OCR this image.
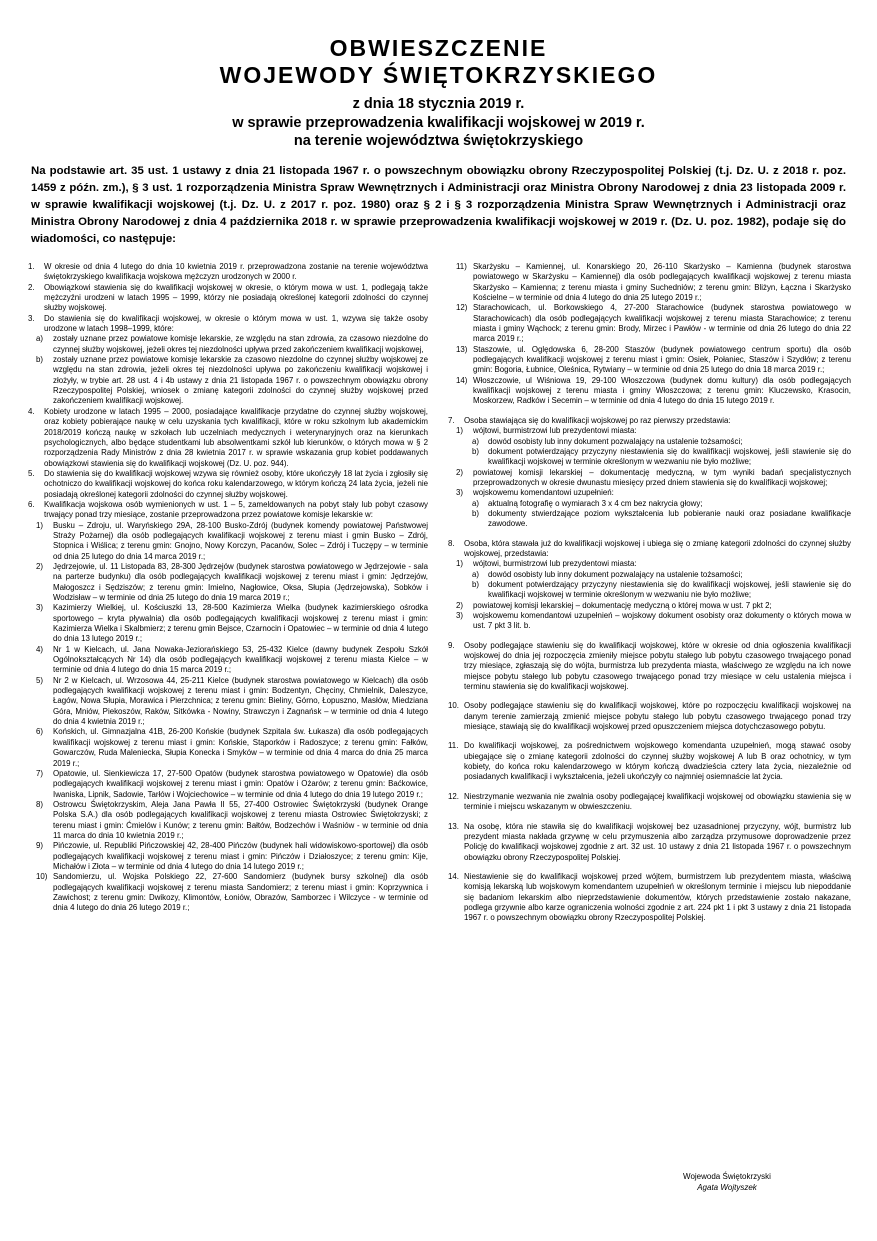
OBWIESZCZENIE
WOJEWODY ŚWIĘTOKRZYSKIEGO
z dnia 18 stycznia 2019 r.
w sprawie przeprowadzenia kwalifikacji wojskowej w 2019 r.
na terenie województwa świętokrzyskiego
Na podstawie art. 35 ust. 1 ustawy z dnia 21 listopada 1967 r. o powszechnym obowiązku obrony Rzeczypospolitej Polskiej (t.j. Dz. U. z 2018 r. poz. 1459 z późn. zm.), § 3 ust. 1 rozporządzenia Ministra Spraw Wewnętrznych i Administracji oraz Ministra Obrony Narodowej z dnia 23 listopada 2009 r. w sprawie kwalifikacji wojskowej (t.j. Dz. U. z 2017 r. poz. 1980) oraz § 2 i § 3 rozporządzenia Ministra Spraw Wewnętrznych i Administracji oraz Ministra Obrony Narodowej z dnia 4 października 2018 r. w sprawie przeprowadzenia kwalifikacji wojskowej w 2019 r. (Dz. U. poz. 1982), podaje się do wiadomości, co następuje:
1. W okresie od dnia 4 lutego do dnia 10 kwietnia 2019 r. przeprowadzona zostanie na terenie województwa świętokrzyskiego kwalifikacja wojskowa mężczyzn urodzonych w 2000 r.
2. Obowiązkowi stawienia się do kwalifikacji wojskowej w okresie, o którym mowa w ust. 1, podlegają także mężczyźni urodzeni w latach 1995 – 1999, którzy nie posiadają określonej kategorii zdolności do czynnej służby wojskowej.
3. Do stawienia się do kwalifikacji wojskowej, w okresie o którym mowa w ust. 1, wzywa się także osoby urodzone w latach 1998–1999, które:
a) zostały uznane przez powiatowe komisje lekarskie, ze względu na stan zdrowia, za czasowo niezdolne do czynnej służby wojskowej, jeżeli okres tej niezdolności upływa przed zakończeniem kwalifikacji wojskowej,
b) zostały uznane przez powiatowe komisje lekarskie za czasowo niezdolne do czynnej służby wojskowej ze względu na stan zdrowia, jeżeli okres tej niezdolności upływa po zakończeniu kwalifikacji wojskowej i złożyły, w trybie art. 28 ust. 4 i 4b ustawy z dnia 21 listopada 1967 r. o powszechnym obowiązku obrony Rzeczypospolitej Polskiej, wniosek o zmianę kategorii zdolności do czynnej służby wojskowej przed zakończeniem kwalifikacji wojskowej.
4. Kobiety urodzone w latach 1995 – 2000, posiadające kwalifikacje przydatne do czynnej służby wojskowej, oraz kobiety pobierające naukę w celu uzyskania tych kwalifikacji, które w roku szkolnym lub akademickim 2018/2019 kończą naukę w szkołach lub uczelniach medycznych i weterynaryjnych oraz na kierunkach psychologicznych, albo będące studentkami lub absolwentkami szkół lub kierunków, o których mowa w § 2 rozporządzenia Rady Ministrów z dnia 28 kwietnia 2017 r. w sprawie wskazania grup kobiet poddawanych obowiązkowi stawienia się do kwalifikacji wojskowej (Dz. U. poz. 944).
5. Do stawienia się do kwalifikacji wojskowej wzywa się również osoby, które ukończyły 18 lat życia i zgłosiły się ochotniczo do kwalifikacji wojskowej do końca roku kalendarzowego, w którym kończą 24 lata życia, jeżeli nie posiadają określonej kategorii zdolności do czynnej służby wojskowej.
6. Kwalifikacja wojskowa osób wymienionych w ust. 1 – 5, zameldowanych na pobyt stały lub pobyt czasowy trwający ponad trzy miesiące, zostanie przeprowadzona przez powiatowe komisje lekarskie w:
1) Busku – Zdroju, ul. Waryńskiego 29A, 28-100 Busko-Zdrój (budynek komendy powiatowej Państwowej Straży Pożarnej) dla osób podlegających kwalifikacji wojskowej z terenu miast i gmin Busko – Zdrój, Stopnica i Wiślica; z terenu gmin: Gnojno, Nowy Korczyn, Pacanów, Solec – Zdrój i Tuczępy – w terminie od dnia 25 lutego do dnia 14 marca 2019 r.;
2) Jędrzejowie, ul. 11 Listopada 83, 28-300 Jędrzejów (budynek starostwa powiatowego w Jędrzejowie - sala na parterze budynku) dla osób podlegających kwalifikacji wojskowej z terenu miast i gmin: Jędrzejów, Małogoszcz i Sędziszów; z terenu gmin: Imielno, Nagłowice, Oksa, Słupia (Jędrzejowska), Sobków i Wodzisław – w terminie od dnia 25 lutego do dnia 19 marca 2019 r.;
3) Kazimierzy Wielkiej, ul. Kościuszki 13, 28-500 Kazimierza Wielka (budynek kazimierskiego ośrodka sportowego – kryta pływalnia) dla osób podlegających kwalifikacji wojskowej z terenu miast i gmin: Kazimierza Wielka i Skalbmierz; z terenu gmin Bejsce, Czarnocin i Opatowiec – w terminie od dnia 4 lutego do dnia 13 lutego 2019 r.;
4) Nr 1 w Kielcach, ul. Jana Nowaka-Jeziorańskiego 53, 25-432 Kielce (dawny budynek Zespołu Szkół Ogólnokształcących Nr 14) dla osób podlegających kwalifikacji wojskowej z terenu miasta Kielce – w terminie od dnia 4 lutego do dnia 15 marca 2019 r.;
5) Nr 2 w Kielcach, ul. Wrzosowa 44, 25-211 Kielce (budynek starostwa powiatowego w Kielcach) dla osób podlegających kwalifikacji wojskowej z terenu miast i gmin: Bodzentyn, Chęciny, Chmielnik, Daleszyce, Łagów, Nowa Słupia, Morawica i Pierzchnica; z terenu gmin: Bieliny, Górno, Łopuszno, Masłów, Miedziana Góra, Mniów, Piekoszów, Raków, Sitkówka - Nowiny, Strawczyn i Zagnańsk – w terminie od dnia 4 lutego do dnia 4 kwietnia 2019 r.;
6) Końskich, ul. Gimnazjalna 41B, 26-200 Końskie (budynek Szpitala św. Łukasza) dla osób podlegających kwalifikacji wojskowej z terenu miast i gmin: Końskie, Stąporków i Radoszyce; z terenu gmin: Fałków, Gowarczów, Ruda Maleniecka, Słupia Konecka i Smyków – w terminie od dnia 4 marca do dnia 25 marca 2019 r.;
7) Opatowie, ul. Sienkiewicza 17, 27-500 Opatów (budynek starostwa powiatowego w Opatowie) dla osób podlegających kwalifikacji wojskowej z terenu miast i gmin: Opatów i Ożarów; z terenu gmin: Baćkowice, Iwaniska, Lipnik, Sadowie, Tarłów i Wojciechowice – w terminie od dnia 4 lutego do dnia 19 lutego 2019 r.;
8) Ostrowcu Świętokrzyskim, Aleja Jana Pawła II 55, 27-400 Ostrowiec Świętokrzyski (budynek Orange Polska S.A.) dla osób podlegających kwalifikacji wojskowej z terenu miasta Ostrowiec Świętokrzyski; z terenu miast i gmin: Ćmielów i Kunów; z terenu gmin: Bałtów, Bodzechów i Waśniów - w terminie od dnia 11 marca do dnia 10 kwietnia 2019 r.;
9) Pińczowie, ul. Republiki Pińczowskiej 42, 28-400 Pińczów (budynek hali widowiskowo-sportowej) dla osób podlegających kwalifikacji wojskowej z terenu miast i gmin: Pińczów i Działoszyce; z terenu gmin: Kije, Michałów i Złota – w terminie od dnia 4 lutego do dnia 14 lutego 2019 r.;
10) Sandomierzu, ul. Wojska Polskiego 22, 27-600 Sandomierz (budynek bursy szkolnej) dla osób podlegających kwalifikacji wojskowej z terenu miasta Sandomierz; z terenu miast i gmin: Koprzywnica i Zawichost; z terenu gmin: Dwikozy, Klimontów, Łoniów, Obrazów, Samborzec i Wilczyce - w terminie od dnia 4 lutego do dnia 26 lutego 2019 r.;
11) Skarżysku – Kamiennej, ul. Konarskiego 20, 26-110 Skarżysko – Kamienna (budynek starostwa powiatowego w Skarżysku – Kamiennej) dla osób podlegających kwalifikacji wojskowej z terenu miasta Skarżysko – Kamienna; z terenu miasta i gminy Suchedniów; z terenu gmin: Bliżyn, Łączna i Skarżysko Kościelne – w terminie od dnia 4 lutego do dnia 25 lutego 2019 r.;
12) Starachowicach, ul. Borkowskiego 4, 27-200 Starachowice (budynek starostwa powiatowego w Starachowicach) dla osób podlegających kwalifikacji wojskowej z terenu miasta Starachowice; z terenu miasta i gminy Wąchock; z terenu gmin: Brody, Mirzec i Pawłów - w terminie od dnia 26 lutego do dnia 22 marca 2019 r.;
13) Staszowie, ul. Oględowska 6, 28-200 Staszów (budynek powiatowego centrum sportu) dla osób podlegających kwalifikacji wojskowej z terenu miast i gmin: Osiek, Połaniec, Staszów i Szydłów; z terenu gmin: Bogoria, Łubnice, Oleśnica, Rytwiany – w terminie od dnia 25 lutego do dnia 18 marca 2019 r.;
14) Włoszczowie, ul Wiśniowa 19, 29-100 Włoszczowa (budynek domu kultury) dla osób podlegających kwalifikacji wojskowej z terenu miasta i gminy Włoszczowa; z terenu gmin: Kluczewsko, Krasocin, Moskorzew, Radków i Secemin – w terminie od dnia 4 lutego do dnia 15 lutego 2019 r.
7. Osoba stawiająca się do kwalifikacji wojskowej po raz pierwszy przedstawia:
1) wójtowi, burmistrzowi lub prezydentowi miasta:
a) dowód osobisty lub inny dokument pozwalający na ustalenie tożsamości;
b) dokument potwierdzający przyczyny niestawienia się do kwalifikacji wojskowej, jeśli stawienie się do kwalifikacji wojskowej w terminie określonym w wezwaniu nie było możliwe;
2) powiatowej komisji lekarskiej – dokumentację medyczną, w tym wyniki badań specjalistycznych przeprowadzonych w okresie dwunastu miesięcy przed dniem stawienia się do kwalifikacji wojskowej;
3) wojskowemu komendantowi uzupełnień:
a) aktualną fotografię o wymiarach 3 x 4 cm bez nakrycia głowy;
b) dokumenty stwierdzające poziom wykształcenia lub pobieranie nauki oraz posiadane kwalifikacje zawodowe.
8. Osoba, która stawała już do kwalifikacji wojskowej i ubiega się o zmianę kategorii zdolności do czynnej służby wojskowej, przedstawia:
1) wójtowi, burmistrzowi lub prezydentowi miasta:
a) dowód osobisty lub inny dokument pozwalający na ustalenie tożsamości;
b) dokument potwierdzający przyczyny niestawienia się do kwalifikacji wojskowej, jeśli stawienie się do kwalifikacji wojskowej w terminie określonym w wezwaniu nie było możliwe;
2) powiatowej komisji lekarskiej – dokumentację medyczną o której mowa w ust. 7 pkt 2;
3) wojskowemu komendantowi uzupełnień – wojskowy dokument osobisty oraz dokumenty o których mowa w ust. 7 pkt 3 lit. b.
9. Osoby podlegające stawieniu się do kwalifikacji wojskowej, które w okresie od dnia ogłoszenia kwalifikacji wojskowej do dnia jej rozpoczęcia zmieniły miejsce pobytu stałego lub pobytu czasowego trwającego ponad trzy miesiące, zgłaszają się do wójta, burmistrza lub prezydenta miasta, właściwego ze względu na ich nowe miejsce pobytu stałego lub pobytu czasowego trwającego ponad trzy miesiące w celu ustalenia miejsca i terminu stawienia się do kwalifikacji wojskowej.
10. Osoby podlegające stawieniu się do kwalifikacji wojskowej, które po rozpoczęciu kwalifikacji wojskowej na danym terenie zamierzają zmienić miejsce pobytu stałego lub pobytu czasowego trwającego ponad trzy miesiące, stawiają się do kwalifikacji wojskowej przed opuszczeniem miejsca dotychczasowego pobytu.
11. Do kwalifikacji wojskowej, za pośrednictwem wojskowego komendanta uzupełnień, mogą stawać osoby ubiegające się o zmianę kategorii zdolności do czynnej służby wojskowej A lub B oraz ochotnicy, w tym kobiety, do końca roku kalendarzowego w którym kończą dwadzieścia cztery lata życia, niezależnie od posiadanych kwalifikacji i wykształcenia, jeżeli ukończyły co najmniej osiemnaście lat życia.
12. Niestrzymanie wezwania nie zwalnia osoby podlegającej kwalifikacji wojskowej od obowiązku stawienia się w terminie i miejscu wskazanym w obwieszczeniu.
13. Na osobę, która nie stawiła się do kwalifikacji wojskowej bez uzasadnionej przyczyny, wójt, burmistrz lub prezydent miasta nakłada grzywnę w celu przymuszenia albo zarządza przymusowe doprowadzenie przez Policję do kwalifikacji wojskowej zgodnie z art. 32 ust. 10 ustawy z dnia 21 listopada 1967 r. o powszechnym obowiązku obrony Rzeczypospolitej Polskiej.
14. Niestawienie się do kwalifikacji wojskowej przed wójtem, burmistrzem lub prezydentem miasta, właściwą komisją lekarską lub wojskowym komendantem uzupełnień w określonym terminie i miejscu lub niepoddanie się badaniom lekarskim albo nieprzedstawienie dokumentów, których przedstawienie zostało nakazane, podlega grzywnie albo karze ograniczenia wolności zgodnie z art. 224 pkt 1 i pkt 3 ustawy z dnia 21 listopada 1967 r. o powszechnym obowiązku obrony Rzeczypospolitej Polskiej.
Wojewoda Świętokrzyski
Agata Wojtyszek
